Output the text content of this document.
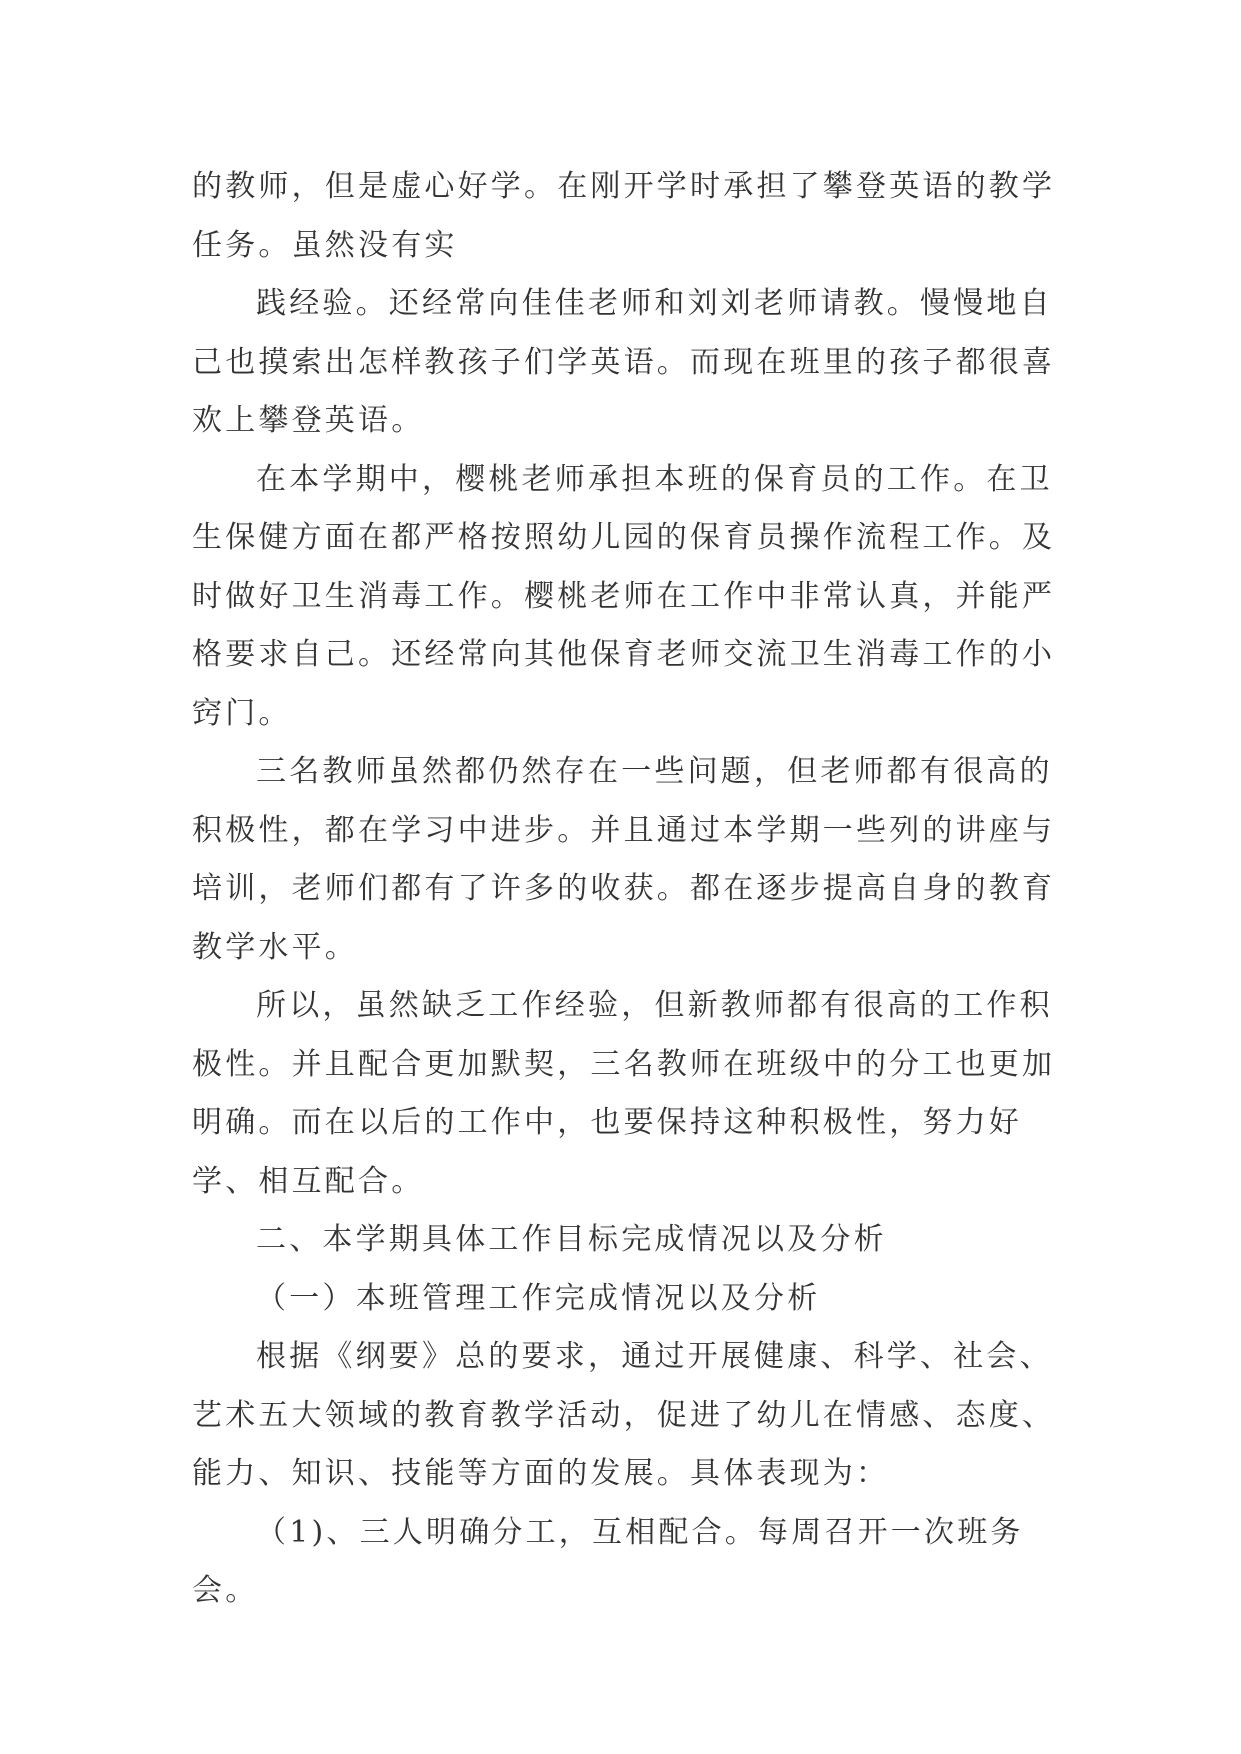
的教师，但是虚心好学。在刚开学时承担了攀登英语的教学任务。虽然没有实

践经验。还经常向佳佳老师和刘刘老师请教。慢慢地自己也摸索出怎样教孩子们学英语。而现在班里的孩子都很喜欢上攀登英语。

在本学期中，樱桃老师承担本班的保育员的工作。在卫生保健方面在都严格按照幼儿园的保育员操作流程工作。及时做好卫生消毒工作。樱桃老师在工作中非常认真，并能严格要求自己。还经常向其他保育老师交流卫生消毒工作的小窍门。

三名教师虽然都仍然存在一些问题，但老师都有很高的积极性，都在学习中进步。并且通过本学期一些列的讲座与培训，老师们都有了许多的收获。都在逐步提高自身的教育教学水平。

所以，虽然缺乏工作经验，但新教师都有很高的工作积极性。并且配合更加默契，三名教师在班级中的分工也更加明确。而在以后的工作中，也要保持这种积极性，努力好学、相互配合。

二、本学期具体工作目标完成情况以及分析

（一）本班管理工作完成情况以及分析

根据《纲要》总的要求，通过开展健康、科学、社会、艺术五大领域的教育教学活动，促进了幼儿在情感、态度、能力、知识、技能等方面的发展。具体表现为：

（1)、三人明确分工，互相配合。每周召开一次班务会。
